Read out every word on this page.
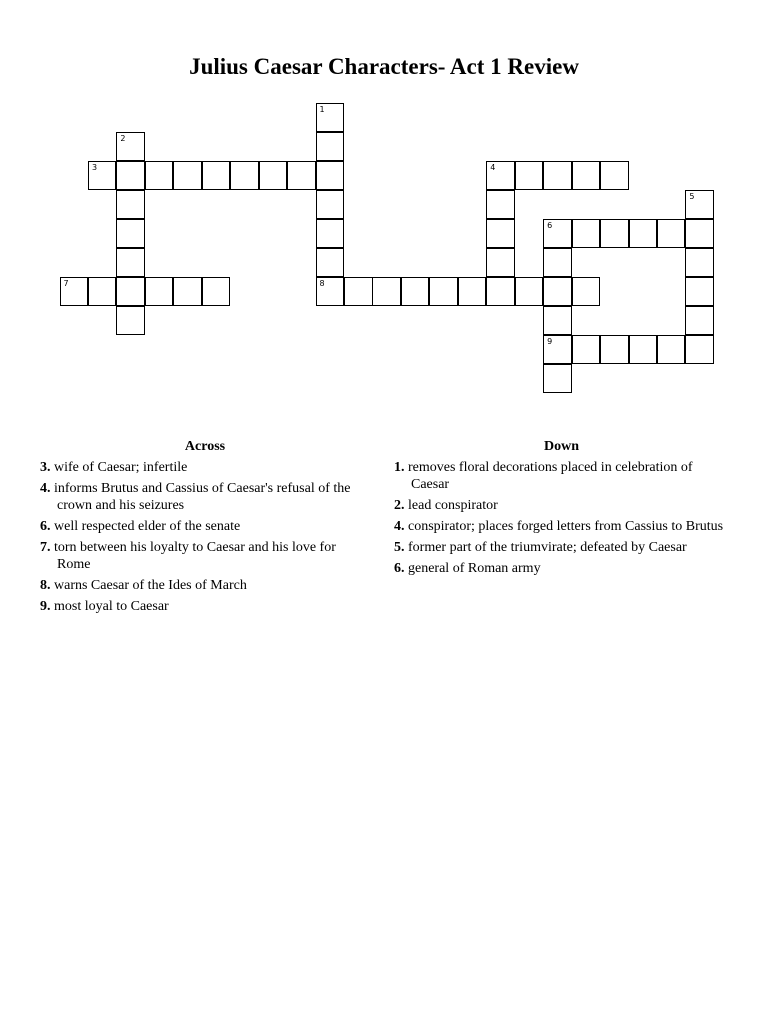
Julius Caesar Characters- Act 1 Review
1
8
2
3	4
5
6
9
7
Across
3. wife of Caesar; infertile
4. informs Brutus and Cassius of Caesar's refusal of the crown and his seizures
6. well respected elder of the senate
7. torn between his loyalty to Caesar and his love for Rome
8. warns Caesar of the Ides of March
9. most loyal to Caesar
Down
1. removes floral decorations placed in celebration of Caesar
2. lead conspirator
4. conspirator; places forged letters from Cassius to Brutus
5. former part of the triumvirate; defeated by Caesar
6. general of Roman army
